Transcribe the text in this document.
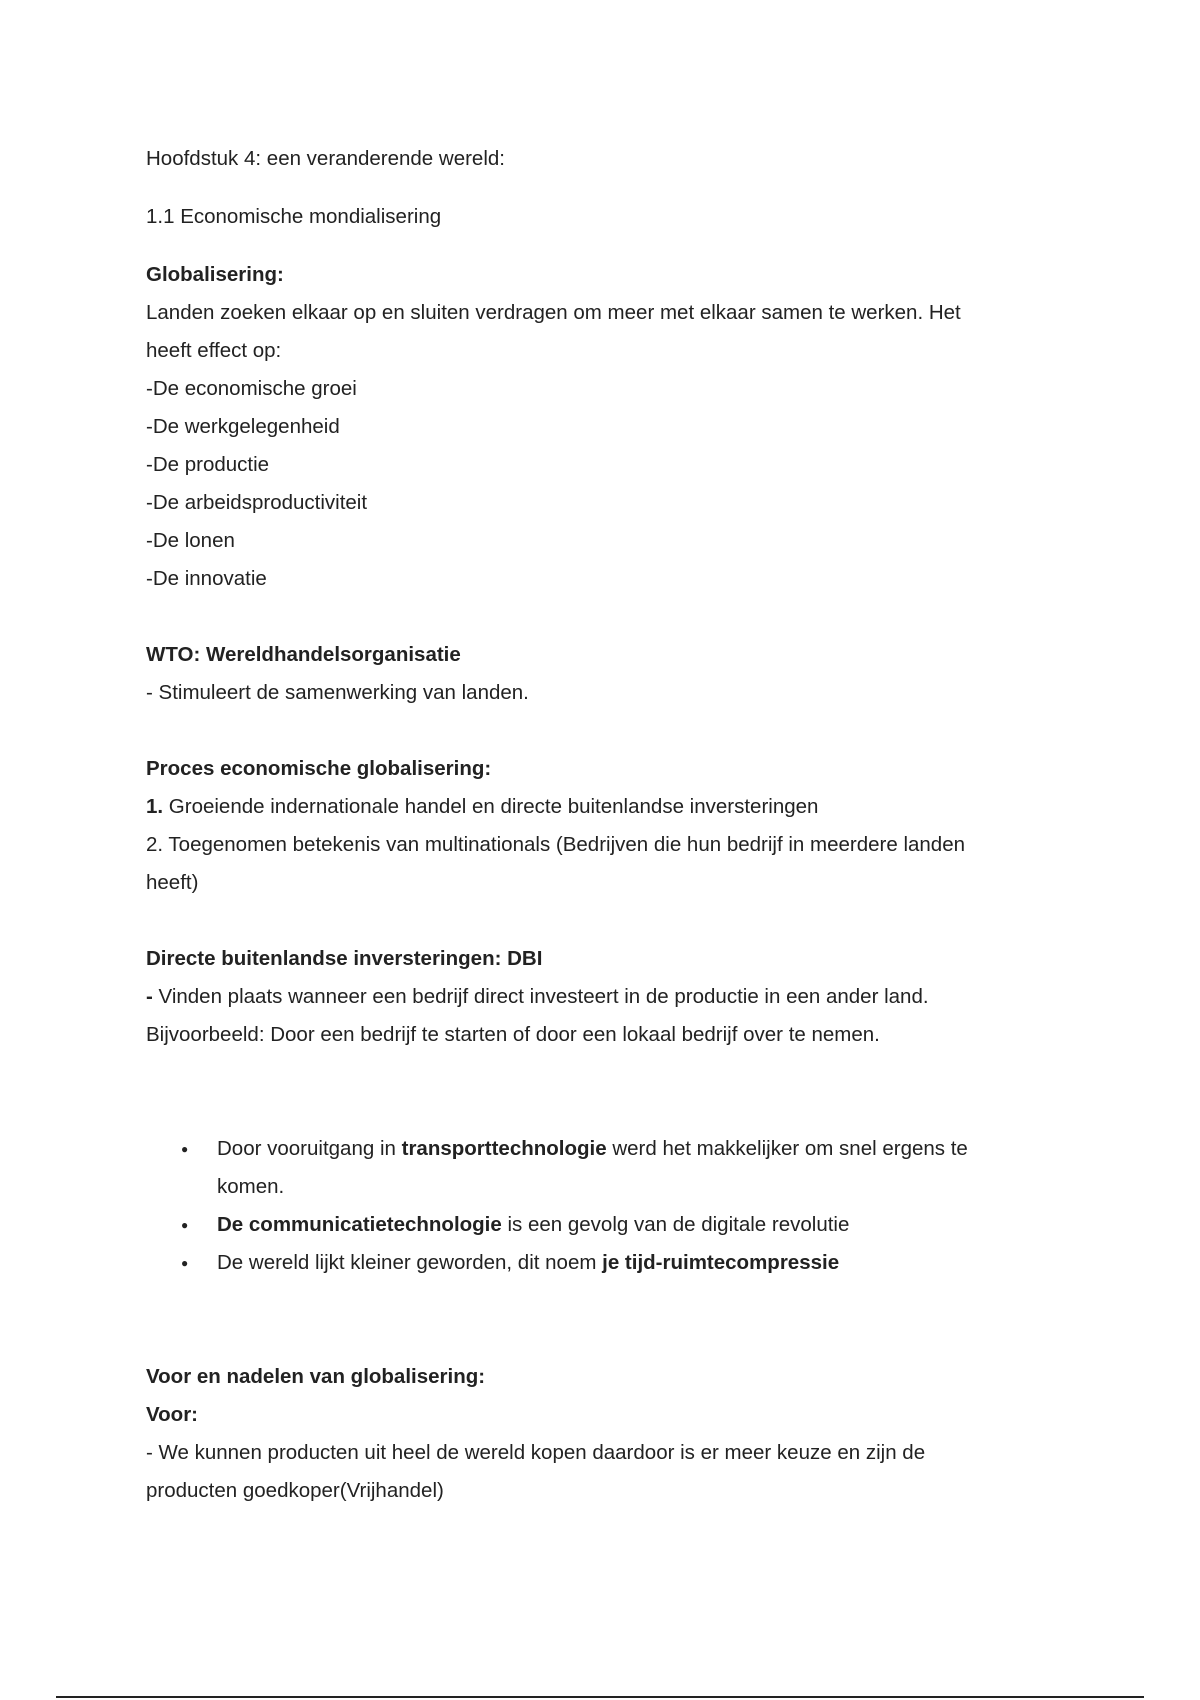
Hoofdstuk 4: een veranderende wereld:

1.1 Economische mondialisering

Globalisering:

Landen zoeken elkaar op en sluiten verdragen om meer met elkaar samen te werken. Het

heeft effect op:

-De economische groei

-De werkgelegenheid

-De productie

-De arbeidsproductiviteit

-De lonen

-De innovatie

WTO: Wereldhandelsorganisatie

- Stimuleert de samenwerking van landen.

Proces economische globalisering:

1. Groeiende indernationale handel en directe buitenlandse inversteringen

2. Toegenomen betekenis van multinationals (Bedrijven die hun bedrijf in meerdere landen

heeft)

Directe buitenlandse inversteringen: DBI

- Vinden plaats wanneer een bedrijf direct investeert in de productie in een ander land.

Bijvoorbeeld: Door een bedrijf te starten of door een lokaal bedrijf over te nemen.

● Door vooruitgang in transporttechnologie werd het makkelijker om snel ergens te

komen.

● De communicatietechnologie is een gevolg van de digitale revolutie

● De wereld lijkt kleiner geworden, dit noem je tijd-ruimtecompressie

Voor en nadelen van globalisering:

Voor:

- We kunnen producten uit heel de wereld kopen daardoor is er meer keuze en zijn de

producten goedkoper(Vrijhandel)
